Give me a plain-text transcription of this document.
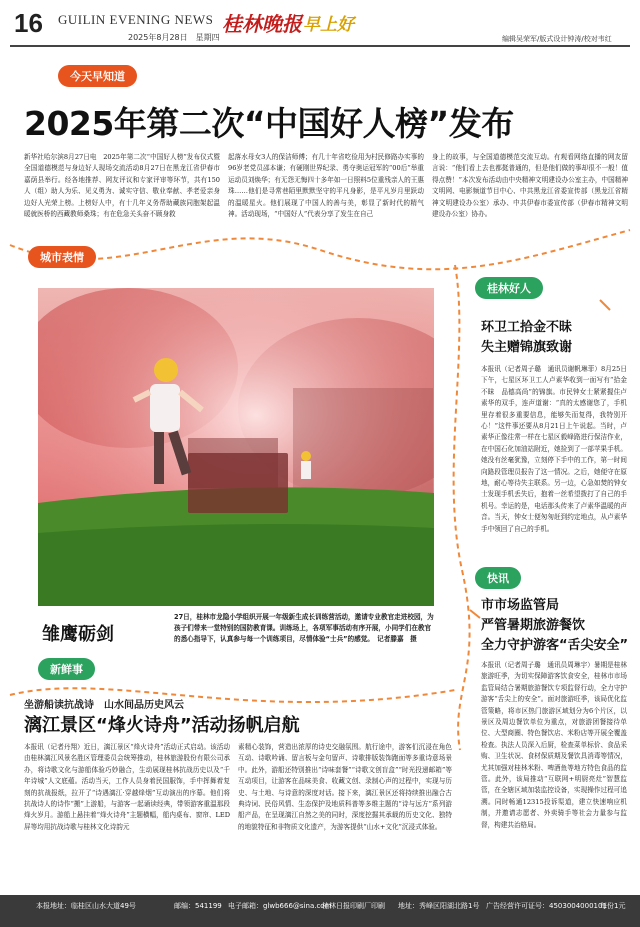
16 GUILIN EVENING NEWS 桂林晚报 早上好
2025年8月28日　星期四	编辑吴荣军/版式设计钟涛/校对韦红
今天早知道
城市表情
桂林好人
快讯
新鲜事
2025年第二次“中国好人榜”发布
新华社哈尔滨8月27日电　2025年第二次“中国好人榜”发布仪式暨全国道德模范与身边好人现场交流活动8月27日在黑龙江省伊春市嘉荫县举行。经各地推荐、网友评议和专家评审等环节，共有150人（组）助人为乐、见义勇为、诚实守信、敬业奉献、孝老爱亲身边好人光荣上榜。上榜好人中，有十几年义务帮助藏族同胞架起温暖就医桥的西藏教师桑珠；有在危急关头奋不顾身救
起落水母女3人的保洁师傅；有几十年省吃俭用为村民修路办实事的96岁老党员邵本谦；有硬刚世界纪录、勇夺奥运冠军的“00后”举重运动员刘焕华；有无怨无悔四十多年如一日照料5位重残亲人的王惠珠……他们是寻常巷陌里默默坚守的平凡身影，是平凡岁月里跃动的温暖星火。他们展现了中国人的善与美，彰显了新时代的精气神。活动现场，“中国好人”代表分享了发生在自己
身上的故事，与全国道德模范交流互动。有观看网络直播的网友留言说：“他们看上去也都挺普通的，但是他们做的事却很不一般！值得点赞！”本次发布活动由中央精神文明建设办公室主办，中国精神文明网、电影频道节目中心、中共黑龙江省委宣传部（黑龙江省精神文明建设办公室）承办、中共伊春市委宣传部（伊春市精神文明建设办公室）协办。
雏鹰砺剑
27日，桂林市龙隐小学组织开展一年级新生成长训练营活动，邀请专业教官走进校园，为孩子们带来一堂特别的国防教育课。训练场上，各项军事活动有序开展，小同学们在教官的悉心指导下，认真参与每一个训练项目，尽情体验“士兵”的感觉。　记者滕嘉　摄
环卫工拾金不昧
失主赠锦旗致谢
本报讯（记者周子璐　通讯员谢帆琳菲）8月25日下午，七星区环卫工人卢素华收到一面写有“拾金不昧　品德高尚”的锦旗。市民钟女士紧紧握住卢素华的双手，连声道谢：“真的太感谢您了，手机里存着很多重要信息，能够失而复得，我特别开心！”这件事还要从8月21日上午说起。当时，卢素华正像往常一样在七星区毅峰路进行保洁作业，在中国石化加油站附近，她捡到了一部苹果手机。她没有丝毫犹豫，立刻停下手中的工作，第一时间向路段管理员报告了这一情况。之后，她便守在原地，耐心等待失主联系。另一边，心急如焚的钟女士发现手机丢失后，抱着一丝希望拨打了自己的手机号。幸运的是，电话那头传来了卢素华温暖的声音。当天，钟女士便匆匆赶到约定地点，从卢素华手中领回了自己的手机。
市市场监管局
严管暑期旅游餐饮
全力守护游客“舌尖安全”
本报讯（记者周子璐　通讯员周琳宇）暑期是桂林旅游旺季，为切实保障游客饮食安全，桂林市市场监管局结合暑期旅游餐饮专项监督行动，全力守护游客“舌尖上的安全”。面对旅游旺季，该局优化监管策略，将市区热门旅游区域划分为6个片区，以景区及周边餐饮单位为重点，对旅游团餐接待单位、大型商圈、特色餐饮店、米粉店等开展全覆盖检查。执法人员深入后厨，检查菜单标价、食品采购、卫生状况、食材保质期及餐饮具消毒等情况，尤其加强对桂林米粉、啤酒鱼等地方特色食品的监管。此外，该局推动“互联网+明厨亮灶”智慧监管，在全辖区域加装监控设备，实现操作过程可追溯。同时畅通12315投诉渠道，建立快速响应机制，并邀请志愿者、外卖骑手等社会力量参与监督，构建共治格局。
坐游船读抗战诗　山水间品历史风云
漓江景区“烽火诗舟”活动扬帆启航
本报讯（记者丹翔）近日，漓江景区“烽火诗舟”活动正式启动。该活动由桂林漓江风景名胜区管理委员会统筹推动，桂林旅游股份有限公司承办，将诗歌文化与游船体验巧妙融合，生动展现桂林抗战历史以及“千年诗城”人文底蕴。活动当天，工作人员身着民国服饰，手中挥舞着复刻的抗战报纸，拉开了“诗遇漓江·穿越烽烟”互动演出的序幕。他们将抗战诗人的诗作“搬”上游船，与游客一起诵读经典，带领游客重温那段烽火岁月。游船上悬挂着“烽火诗舟”主题横幅，船内桌布、窗帘、LED屏等均用抗战诗歌与桂林文化诗韵元
素精心装饰，营造出浓厚的诗史交融氛围。航行途中，游客们沉浸在角色互动、诗歌吟诵、留言板与金句留声、诗歌排版装饰跑面等多重诗意场景中。此外，游船还特别推出“诗味套餐”“诗歌文创盲盒”“时光投递邮箱”等互动项目，让游客在品味美食、收藏文创、录制心声的过程中，实现与历史、与土地、与诗意的深度对话。接下来，漓江景区还将持续推出融合古典诗词、民俗风情、生态保护及地质科普等多维主题的“诗与远方”系列游船产品，在呈现漓江自然之美的同时，深度挖掘其承载的历史文化、独特的地貌特征和非物质文化遗产，为游客提供“山水+文化”沉浸式体验。
本报地址：临桂区山水大道49号	邮编：541199 电子邮箱：glwb666@sina.com
桂林日报印刷厂印刷 地址：秀峰区阳湖北路1号 广告经营许可证号：4503004000101
每份1元
